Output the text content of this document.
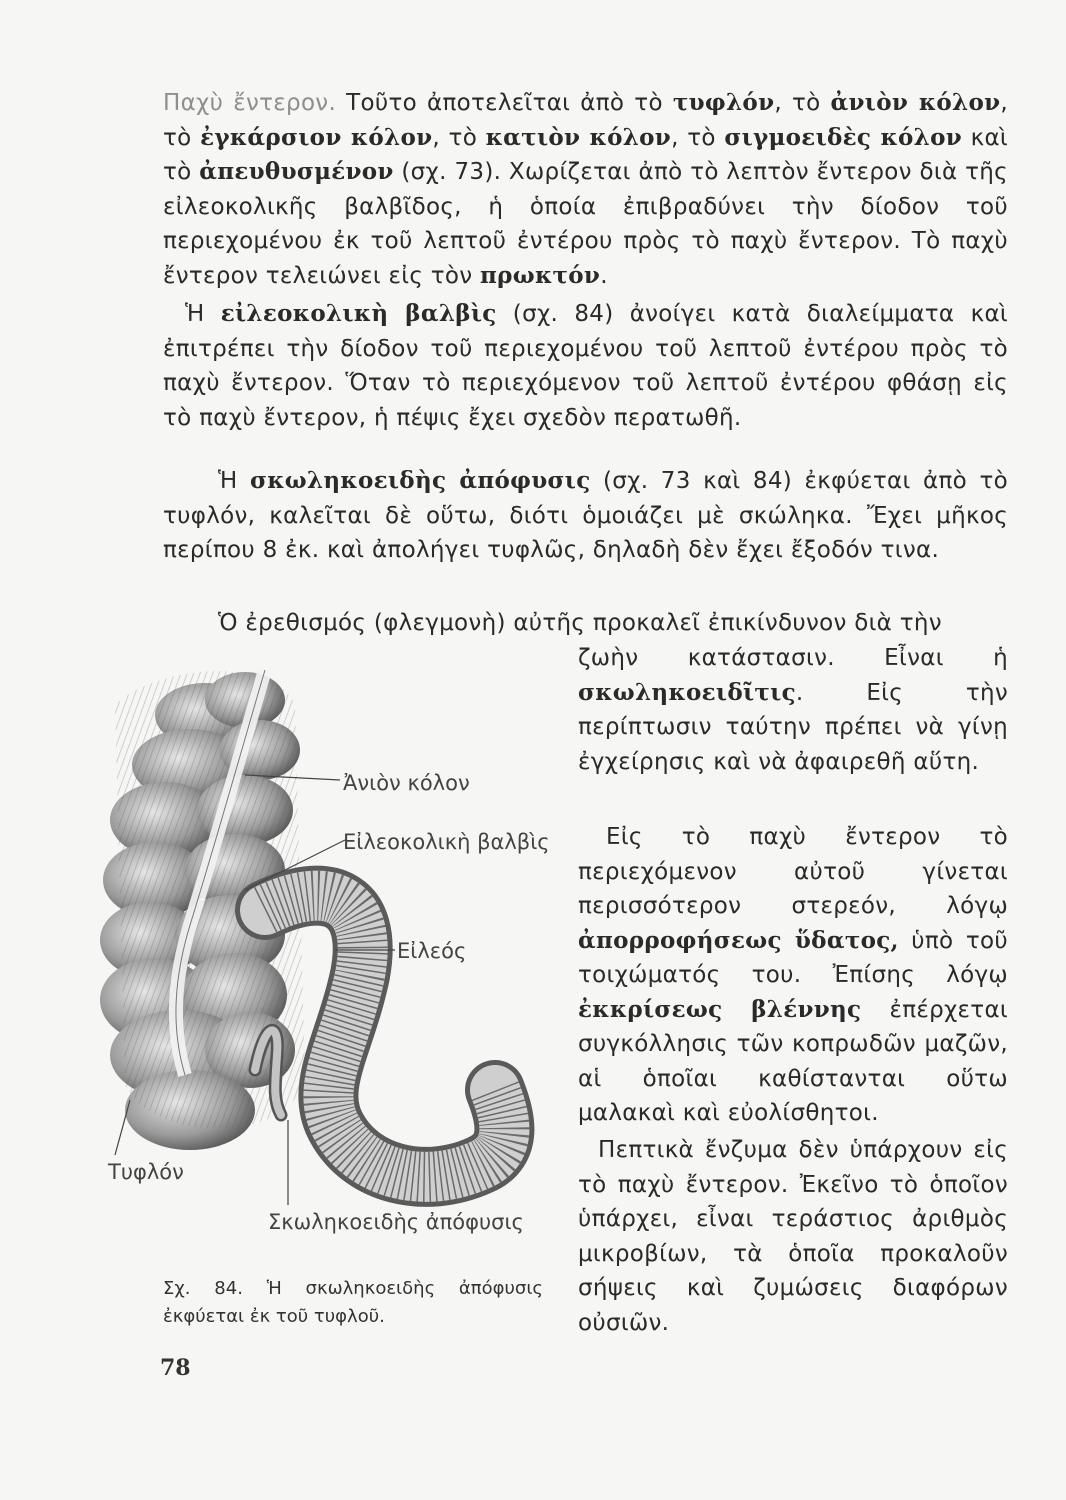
Παχὺ ἔντερον. Τοῦτο ἀποτελεῖται ἀπὸ τὸ τυφλόν, τὸ ἀνιὸν κόλον, τὸ ἐγκάρσιον κόλον, τὸ κατιὸν κόλον, τὸ σιγμοειδὲς κόλον καὶ τὸ ἀπευθυσμένον (σχ. 73). Χωρίζεται ἀπὸ τὸ λεπτὸν ἔντερον διὰ τῆς εἰλεοκολικῆς βαλβῖδος, ἡ ὁποία ἐπιβραδύνει τὴν δίοδον τοῦ περιεχομένου ἐκ τοῦ λεπτοῦ ἐντέρου πρὸς τὸ παχὺ ἔντερον. Τὸ παχὺ ἔντερον τελειώνει εἰς τὸν πρωκτόν.

Ἡ εἰλεοκολικὴ βαλβὶς (σχ. 84) ἀνοίγει κατὰ διαλείμματα καὶ ἐπιτρέπει τὴν δίοδον τοῦ περιεχομένου τοῦ λεπτοῦ ἐντέρου πρὸς τὸ παχὺ ἔντερον. Ὅταν τὸ περιεχόμενον τοῦ λεπτοῦ ἐντέρου φθάσῃ εἰς τὸ παχὺ ἔντερον, ἡ πέψις ἔχει σχεδὸν περατωθῆ.

Ἡ σκωληκοειδὴς ἀπόφυσις (σχ. 73 καὶ 84) ἐκφύεται ἀπὸ τὸ τυφλόν, καλεῖται δὲ οὕτω, διότι ὁμοιάζει μὲ σκώληκα. Ἔχει μῆκος περίπου 8 ἐκ. καὶ ἀπολήγει τυφλῶς, δηλαδὴ δὲν ἔχει ἔξοδόν τινα.

Ὁ ἐρεθισμός (φλεγμονὴ) αὐτῆς προκαλεῖ ἐπικίνδυνον διὰ τὴν

ζωὴν κατάστασιν. Εἶναι ἡ σκωληκοειδῖτις. Εἰς τὴν περίπτωσιν ταύτην πρέπει νὰ γίνῃ ἐγχείρησις καὶ νὰ ἀφαιρεθῆ αὕτη.

Εἰς τὸ παχὺ ἔντερον τὸ περιεχόμενον αὐτοῦ γίνεται περισσότερον στερεόν, λόγῳ ἀπορροφήσεως ὕδατος, ὑπὸ τοῦ τοιχώματός του. Ἐπίσης λόγῳ ἐκκρίσεως βλέννης ἐπέρχεται συγκόλλησις τῶν κοπρωδῶν μαζῶν, αἱ ὁποῖαι καθίστανται οὕτω μαλακαὶ καὶ εὐολίσθητοι.

Πεπτικὰ ἔνζυμα δὲν ὑπάρχουν εἰς τὸ παχὺ ἔντερον. Ἐκεῖνο τὸ ὁποῖον ὑπάρχει, εἶναι τεράστιος ἀριθμὸς μικροβίων, τὰ ὁποῖα προκαλοῦν σήψεις καὶ ζυμώσεις διαφόρων οὐσιῶν.

Ἀνιὸν κόλον
Εἰλεοκολικὴ βαλβὶς
Εἰλεός
Τυφλόν
Σκωληκοειδὴς ἀπόφυσις

Σχ. 84. Ἡ σκωληκοειδὴς ἀπόφυσις ἐκφύεται ἐκ τοῦ τυφλοῦ.

78
